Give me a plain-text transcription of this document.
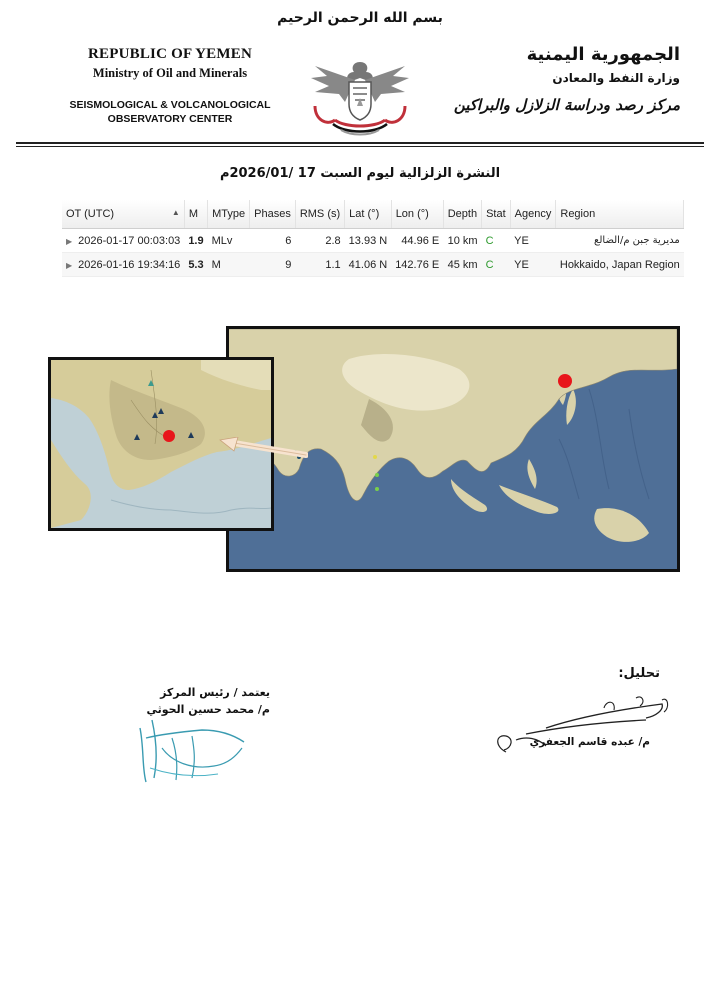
بسم الله الرحمن الرحيم
REPUBLIC OF YEMEN
Ministry of Oil and Minerals
SEISMOLOGICAL & VOLCANOLOGICAL
OBSERVATORY CENTER
الجمهورية اليمنية
وزارة النفط والمعادن
مركز رصد ودراسة الزلازل والبراكين
النشرة الزلزالية ليوم السبت 17 /2026/01م
OT (UTC) ▲	M	MType	Phases	RMS (s)	Lat (°)	Lon (°)	Depth	Stat	Agency	Region
▶ 2026-01-17 00:03:03	1.9	MLv	6	2.8	13.93 N	44.96 E	10 km	C	YE	مديرية جبن م/الضالع
▶ 2026-01-16 19:34:16	5.3	M	9	1.1	41.06 N	142.76 E	45 km	C	YE	Hokkaido, Japan Region
يعتمد / رئيس المركز
م/ محمد حسين الحوثي
تحليل:
م/ عبده قاسم الجعفري
